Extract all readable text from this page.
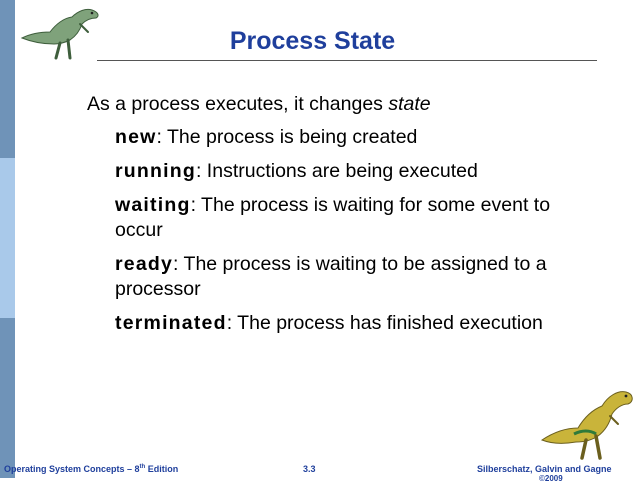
Process State
As a process executes, it changes state
new: The process is being created
running: Instructions are being executed
waiting: The process is waiting for some event to occur
ready: The process is waiting to be assigned to a processor
terminated: The process has finished execution
Operating System Concepts – 8th Edition	3.3	Silberschatz, Galvin and Gagne
©2009
